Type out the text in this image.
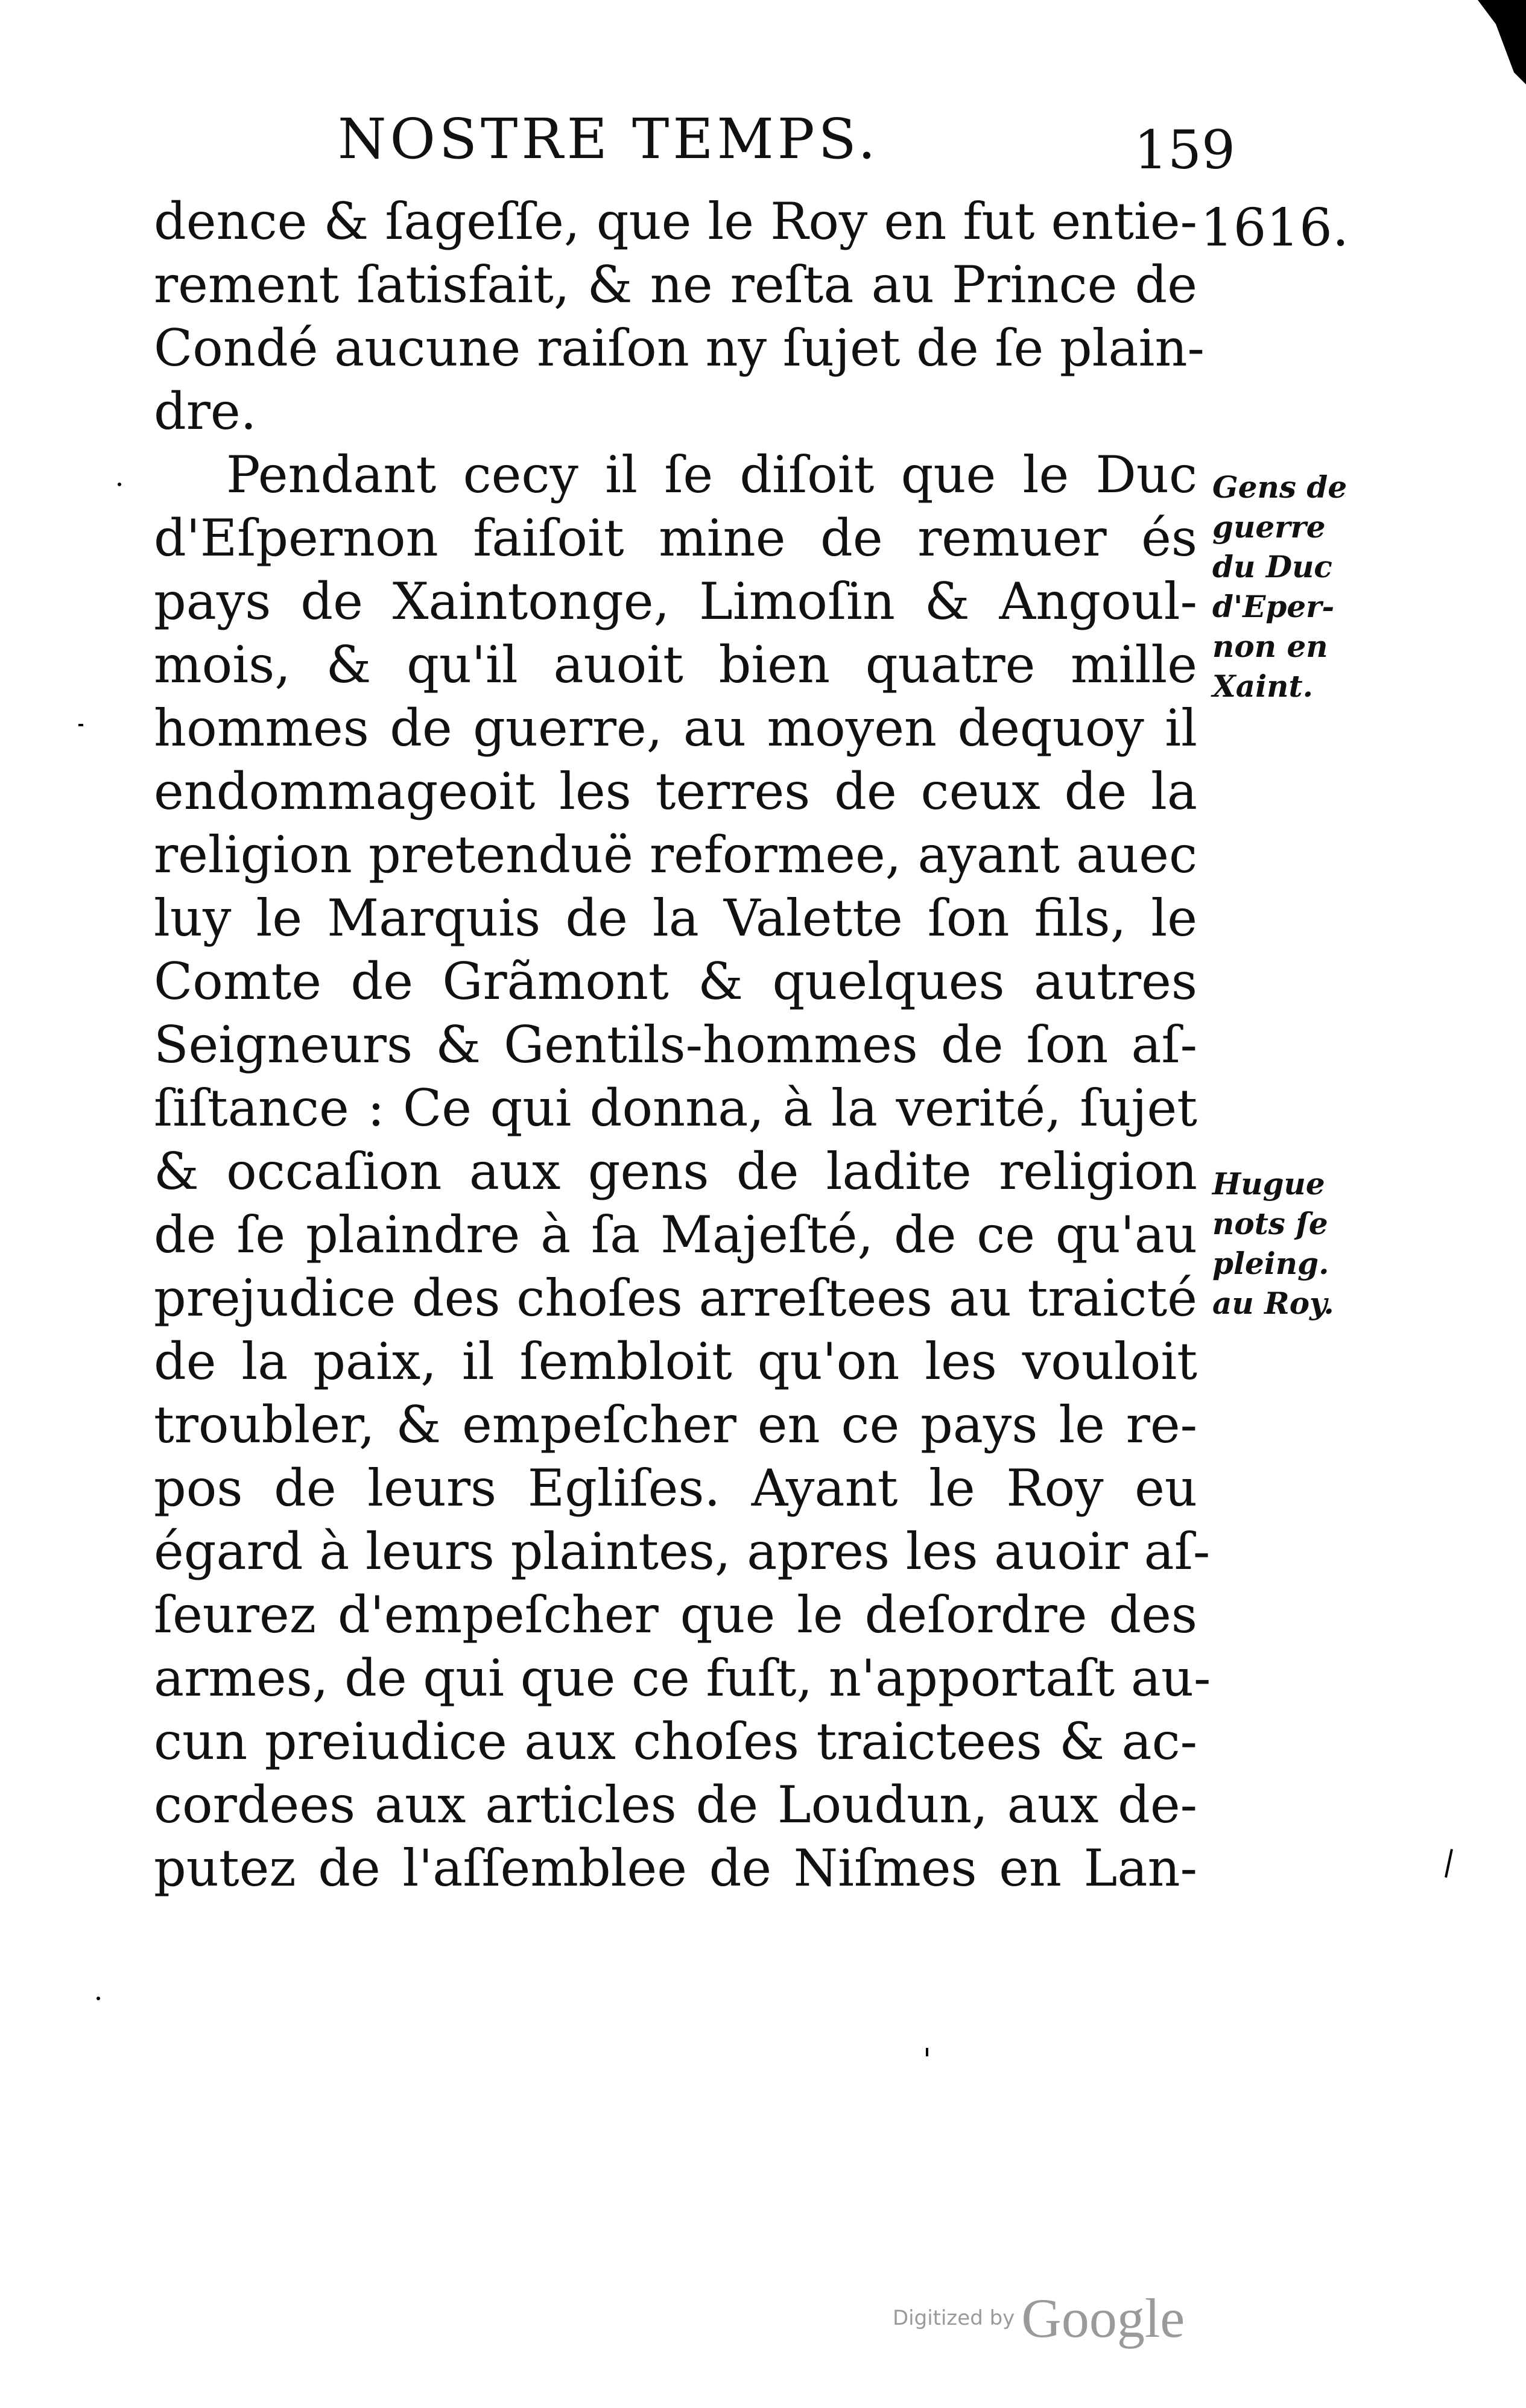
NOSTRE TEMPS.	159
1616.
dence & ſageſſe, que le Roy en fut entie-
rement ſatisfait, & ne reſta au Prince de
Condé aucune raiſon ny ſujet de ſe plain-
dre.
Pendant cecy il ſe diſoit que le Duc
d'Eſpernon faiſoit mine de remuer és
pays de Xaintonge, Limoſin & Angoul-
mois, & qu'il auoit bien quatre mille
hommes de guerre, au moyen dequoy il
endommageoit les terres de ceux de la
religion pretenduë reformee, ayant auec
luy le Marquis de la Valette ſon fils, le
Comte de Grãmont & quelques autres
Seigneurs & Gentils-hommes de ſon aſ-
ſiſtance : Ce qui donna, à la verité, ſujet
& occaſion aux gens de ladite religion
de ſe plaindre à ſa Majeſté, de ce qu'au
prejudice des choſes arreſtees au traicté
de la paix, il ſembloit qu'on les vouloit
troubler, & empeſcher en ce pays le re-
pos de leurs Egliſes. Ayant le Roy eu
égard à leurs plaintes, apres les auoir aſ-
ſeurez d'empeſcher que le deſordre des
armes, de qui que ce fuſt, n'apportaſt au-
cun preiudice aux choſes traictees & ac-
cordees aux articles de Loudun, aux de-
putez de l'aſſemblee de Niſmes en Lan-
Gens de
guerre
du Duc
d'Eper-
non en
Xaint.
Hugue
nots ſe
pleing.
au Roy.
Digitized by Google
